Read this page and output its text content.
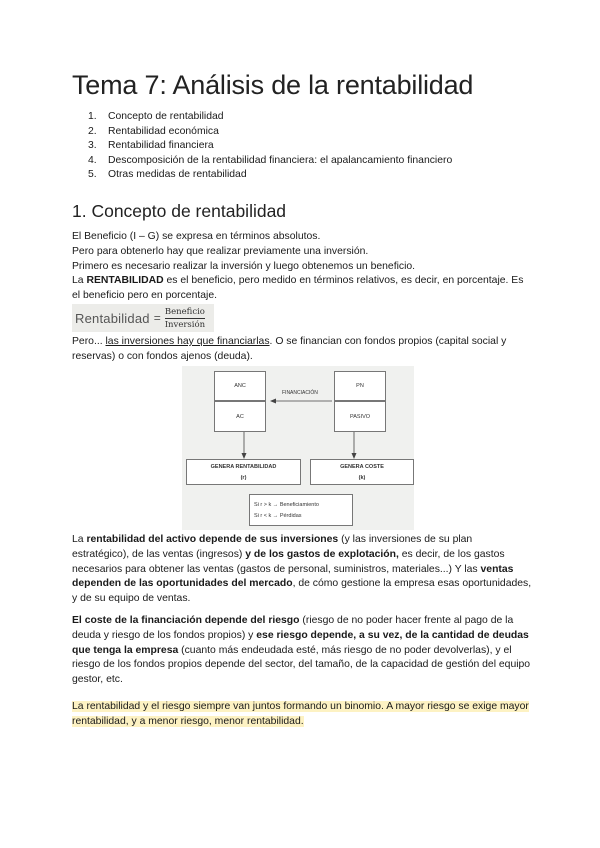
Tema 7: Análisis de la rentabilidad
1. Concepto de rentabilidad
2. Rentabilidad económica
3. Rentabilidad financiera
4. Descomposición de la rentabilidad financiera: el apalancamiento financiero
5. Otras medidas de rentabilidad
1. Concepto de rentabilidad
El Beneficio (I – G) se expresa en términos absolutos.
Pero para obtenerlo hay que realizar previamente una inversión.
Primero es necesario realizar la inversión y luego obtenemos un beneficio.
La RENTABILIDAD es el beneficio, pero medido en términos relativos, es decir, en porcentaje. Es el beneficio pero en porcentaje.
Rentabilidad = $\frac{\text{Beneficio}}{\text{Inversión}}$
Pero... las inversiones hay que financiarlas. O se financian con fondos propios (capital social y reservas) o con fondos ajenos (deuda).
ANC
AC
PN
PASIVO
FINANCIACIÓN
GENERA RENTABILIDAD
(r)
GENERA COSTE
(k)
Si r > k → Beneficiamiento
Si r < k → Pérdidas
La rentabilidad del activo depende de sus inversiones (y las inversiones de su plan estratégico), de las ventas (ingresos) y de los gastos de explotación, es decir, de los gastos necesarios para obtener las ventas (gastos de personal, suministros, materiales...) Y las ventas dependen de las oportunidades del mercado, de cómo gestione la empresa esas oportunidades, y de su equipo de ventas.
El coste de la financiación depende del riesgo (riesgo de no poder hacer frente al pago de la deuda y riesgo de los fondos propios) y ese riesgo depende, a su vez, de la cantidad de deudas que tenga la empresa (cuanto más endeudada esté, más riesgo de no poder devolverlas), y el riesgo de los fondos propios depende del sector, del tamaño, de la capacidad de gestión del equipo gestor, etc.
La rentabilidad y el riesgo siempre van juntos formando un binomio. A mayor riesgo se exige mayor rentabilidad, y a menor riesgo, menor rentabilidad.
